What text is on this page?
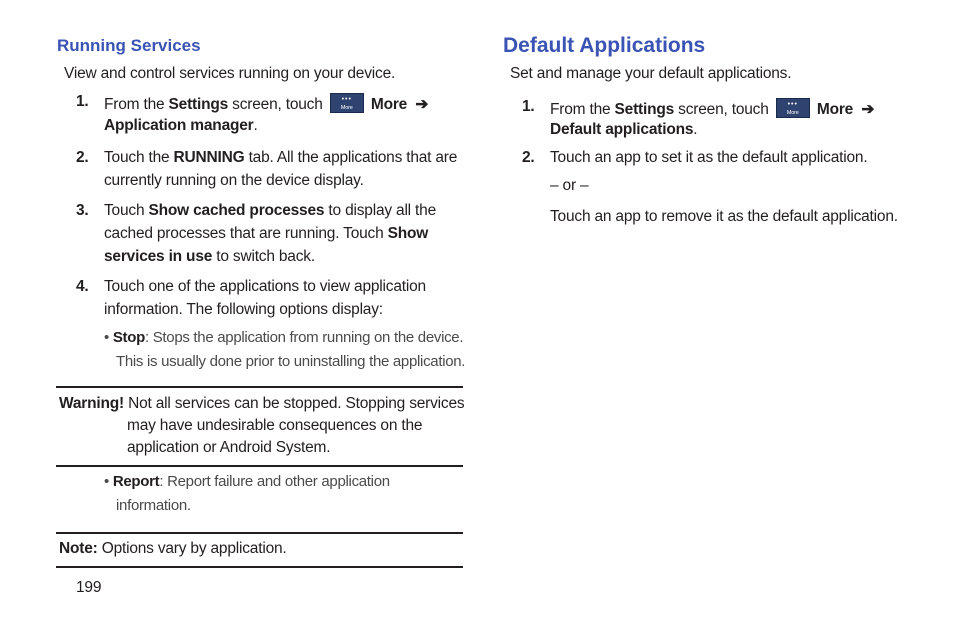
Running Services
View and control services running on your device.
1. From the Settings screen, touch	•••
More	More ➔
Application manager.
2. Touch the RUNNING tab. All the applications that are
currently running on the device display.
3. Touch Show cached processes to display all the
cached processes that are running. Touch Show
services in use to switch back.
4. Touch one of the applications to view application
information. The following options display:
• Stop: Stops the application from running on the device.
This is usually done prior to uninstalling the application.
Warning! Not all services can be stopped. Stopping services
may have undesirable consequences on the
application or Android System.
• Report: Report failure and other application
information.
Note: Options vary by application.
199
Default Applications
Set and manage your default applications.
1. From the Settings screen, touch	•••
More	More ➔
Default applications.
2. Touch an app to set it as the default application.
– or –
Touch an app to remove it as the default application.
